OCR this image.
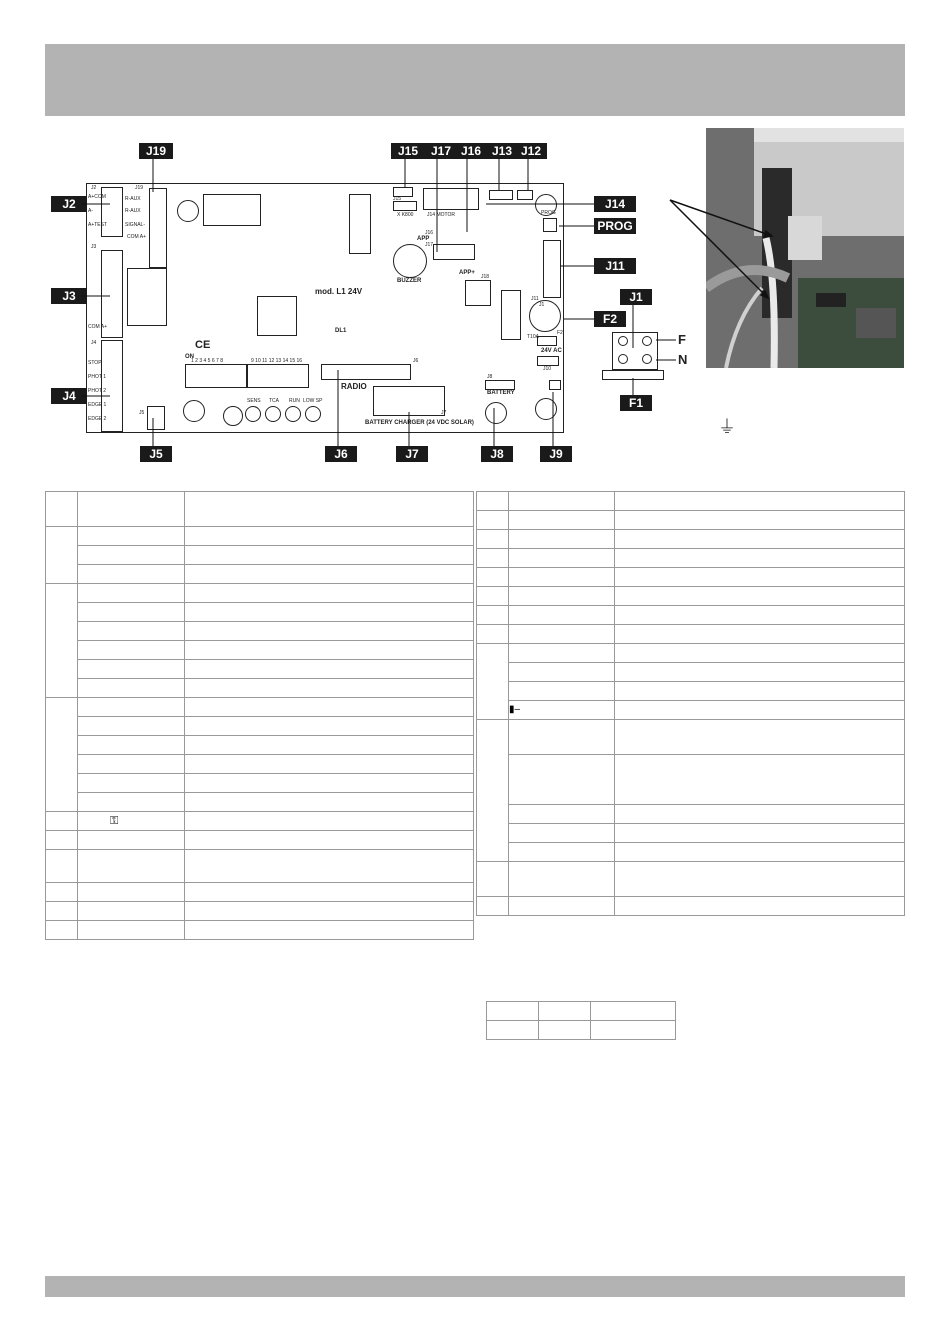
mod. L1 24V
BUZZER
RADIO
BATTERY CHARGER (24 VDC SOLAR)
BATTERY
ON
DL1
PROG
24V AC
APP
APP+
J14 MOTOR
X K800
CE
1 2 3 4 5 6 7 8	9 10 11 12 13 14 15 16
T10A
SENS TCA RUN LOW SP
A+COM
A-
A+TEST
COM A+
STOP
PHOT 1
PHOT 2
EDGE 1
EDGE 2
R-AUX
R-AUX
SIGNAL-
COM A+
J2
J3
J4
J5
J6
J7
J8
J10
J11
J15
J16
J17
J18
J19
F2
J1
J19	J15	J17 J16 J13 J12
J14
PROG
J11
J1
F2
F1
J2
J3
J4
J5	J6	J7	J8	J9
F
N
⏚

	⚿	

	▮–	
